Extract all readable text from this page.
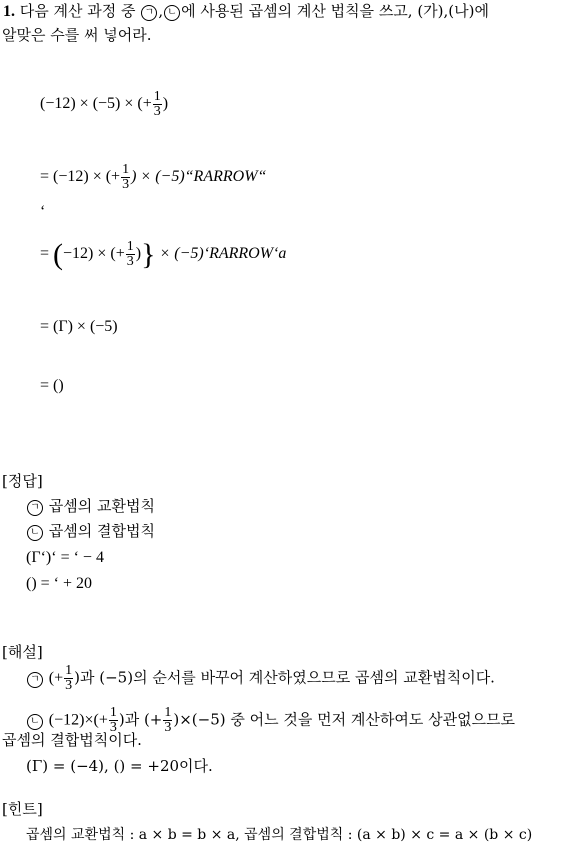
1. 다음 계산 과정 중 ㄱ , ㄴ 에 사용된 곱셈의 계산 법칙을 쓰고, (가),(나)에
알맞은 수를 써 넣어라.
(−12) × (−5) × (+ $\frac{1}{3}$ )
= (−12) × (+ $\frac{1}{3}$ ) × (−5)“RARROW“
‘
= (−12) × (+ $\frac{1}{3}$ )} × (−5)‘RARROW‘a
= (Γ) × (−5)
= ()
[정답]
ㄱ 곱셈의 교환법칙
ㄴ 곱셈의 결합법칙
(Γ‘)‘ = ‘ − 4
() = ‘ + 20
[해설]
ㄱ (+ $\frac{1}{3}$ )과 (−5)의 순서를 바꾸어 계산하였으므로 곱셈의 교환법칙이다.
ㄴ $(-12)\times(+ \frac{1}{3}$ )과 (+ $\frac{1}{3} )\times(-5)$ 중 어느 것을 먼저 계산하여도 상관없으므로
곱셈의 결합법칙이다.
(Γ) = (−4), () = +20이다.
[힌트]
곱셈의 교환법칙 : a × b = b × a, 곱셈의 결합법칙 : (a × b) × c = a × (b × c)
